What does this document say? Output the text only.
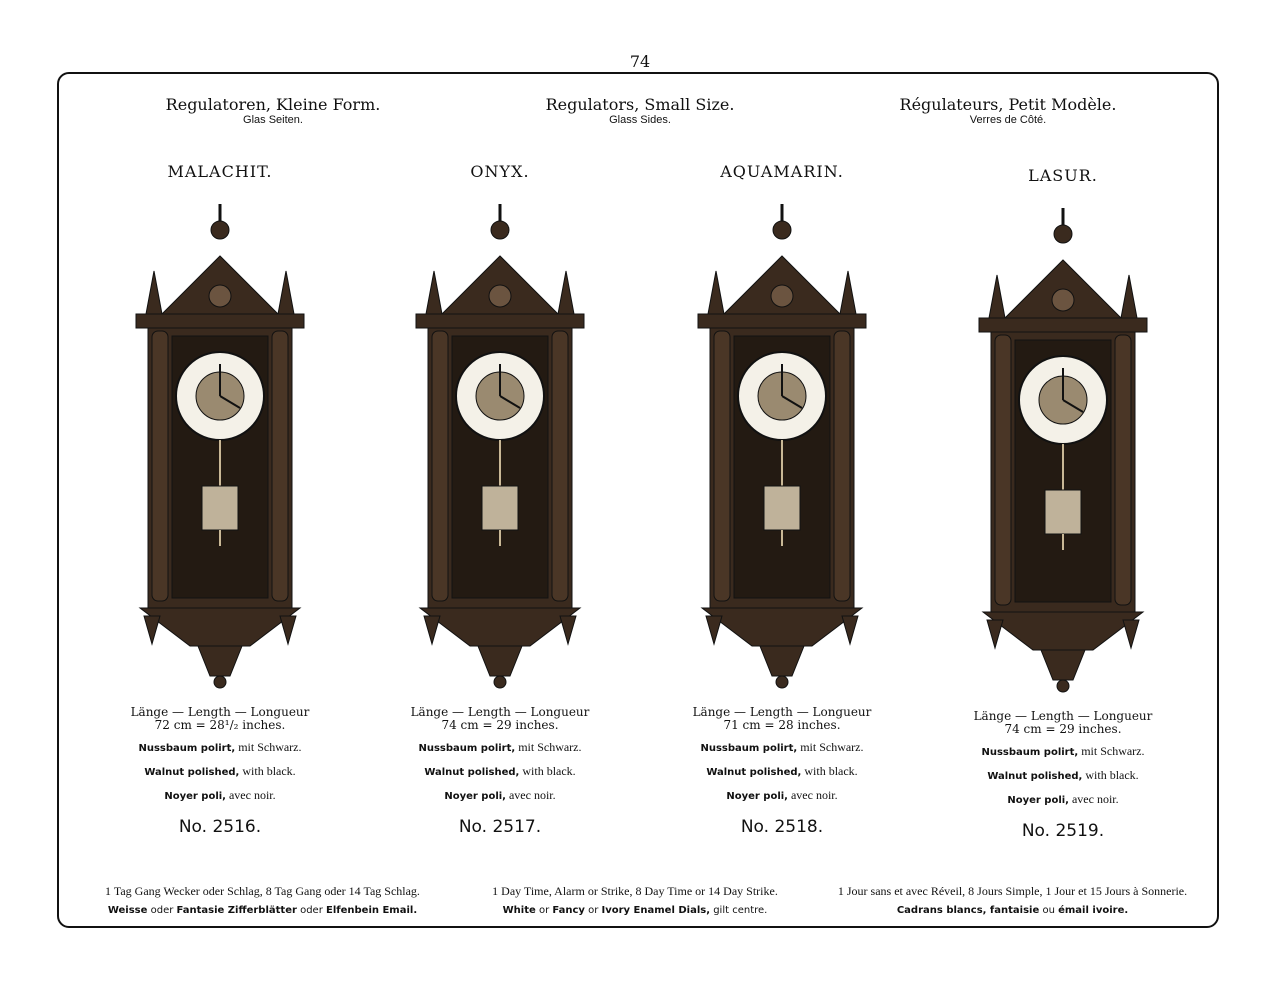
74
Regulatoren, Kleine Form.
Glas Seiten.
Regulators, Small Size.
Glass Sides.
Régulateurs, Petit Modèle.
Verres de Côté.
MALACHIT.
Länge — Length — Longueur
72 cm = 28¹/₂ inches.
Nussbaum polirt, mit Schwarz.
Walnut polished, with black.
Noyer poli, avec noir.
No. 2516.
ONYX.
Länge — Length — Longueur
74 cm = 29 inches.
Nussbaum polirt, mit Schwarz.
Walnut polished, with black.
Noyer poli, avec noir.
No. 2517.
AQUAMARIN.
Länge — Length — Longueur
71 cm = 28 inches.
Nussbaum polirt, mit Schwarz.
Walnut polished, with black.
Noyer poli, avec noir.
No. 2518.
LASUR.
Länge — Length — Longueur
74 cm = 29 inches.
Nussbaum polirt, mit Schwarz.
Walnut polished, with black.
Noyer poli, avec noir.
No. 2519.
1 Tag Gang Wecker oder Schlag, 8 Tag Gang oder 14 Tag Schlag.
Weisse oder Fantasie Zifferblätter oder Elfenbein Email.
1 Day Time, Alarm or Strike, 8 Day Time or 14 Day Strike.
White or Fancy or Ivory Enamel Dials, gilt centre.
1 Jour sans et avec Réveil, 8 Jours Simple, 1 Jour et 15 Jours à Sonnerie.
Cadrans blancs, fantaisie ou émail ivoire.
